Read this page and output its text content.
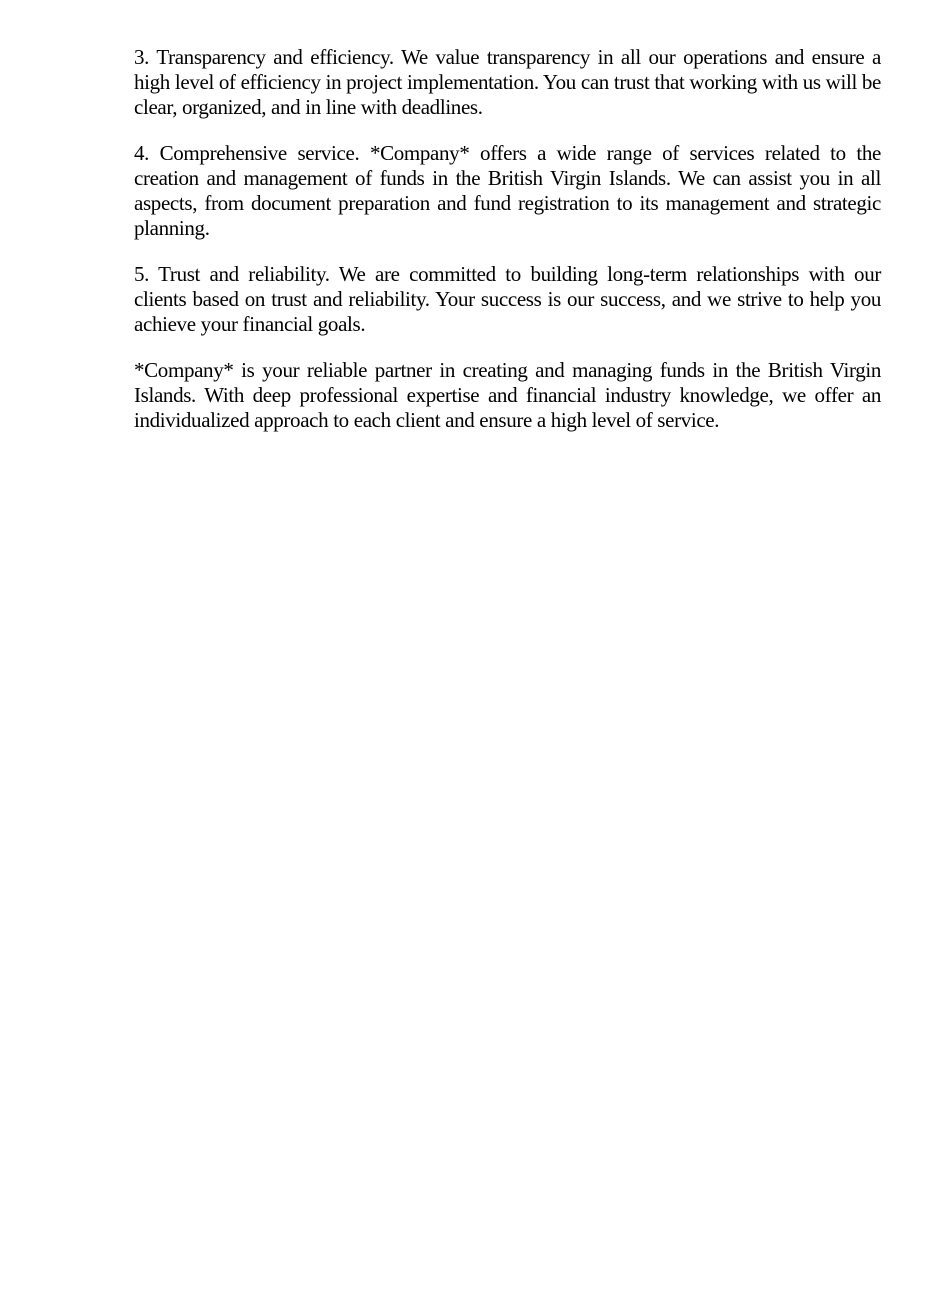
3. Transparency and efficiency. We value transparency in all our operations and ensure a high level of efficiency in project implementation. You can trust that working with us will be clear, organized, and in line with deadlines.

4. Comprehensive service. *Company* offers a wide range of services related to the creation and management of funds in the British Virgin Islands. We can assist you in all aspects, from document preparation and fund registration to its management and strategic planning.

5. Trust and reliability. We are committed to building long-term relationships with our clients based on trust and reliability. Your success is our success, and we strive to help you achieve your financial goals.

*Company* is your reliable partner in creating and managing funds in the British Virgin Islands. With deep professional expertise and financial industry knowledge, we offer an individualized approach to each client and ensure a high level of service.
